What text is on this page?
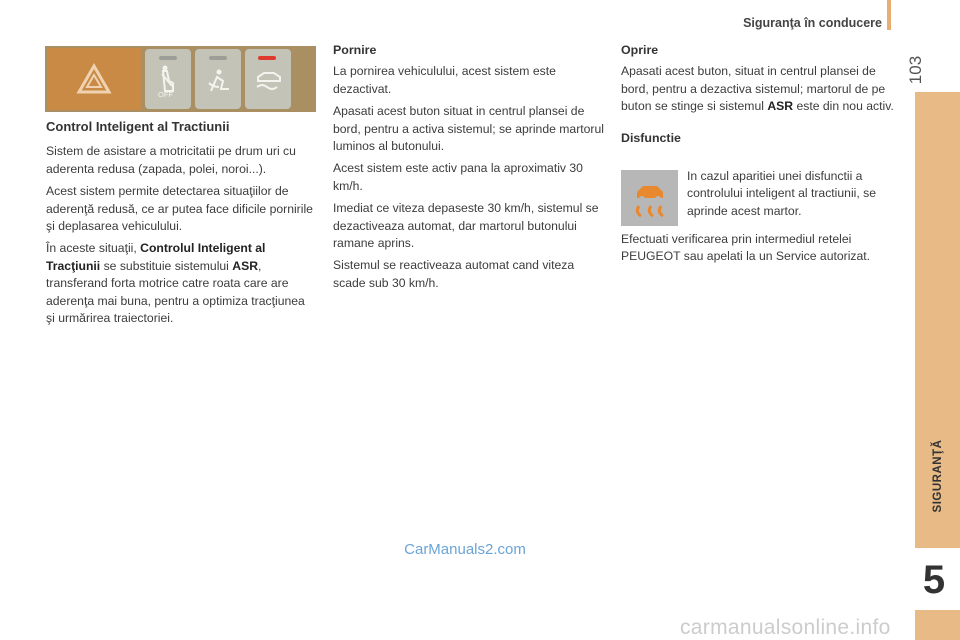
Siguranţa în conducere
103
SIGURANŢĂ
5
OFF

Control Inteligent al Tractiunii

Sistem de asistare a motricitatii pe drum uri cu aderenta redusa (zapada, polei, noroi...).

Acest sistem permite detectarea situaţiilor de aderenţă redusă, ce ar putea face dificile pornirile şi deplasarea vehiculului.

În aceste situaţii, Controlul Inteligent al Tracţiunii se substituie sistemului ASR, transferand forta motrice catre roata care are aderenţa mai buna, pentru a optimiza tracţiunea şi urmărirea traiectoriei.

Pornire

La pornirea vehiculului, acest sistem este dezactivat.

Apasati acest buton situat in centrul plansei de bord, pentru a activa sistemul; se aprinde martorul luminos al butonului.

Acest sistem este activ pana la aproximativ 30 km/h.

Imediat ce viteza depaseste 30 km/h, sistemul se dezactiveaza automat, dar martorul butonului ramane aprins.

Sistemul se reactiveaza automat cand viteza scade sub 30 km/h.

Oprire

Apasati acest buton, situat in centrul plansei de bord, pentru a dezactiva sistemul; martorul de pe buton se stinge si sistemul ASR este din nou activ.

Disfunctie

In cazul aparitiei unei disfunctii a controlului inteligent al tractiunii, se aprinde acest martor.

Efectuati verificarea prin intermediul retelei PEUGEOT sau apelati la un Service autorizat.

CarManuals2.com
carmanualsonline.info
